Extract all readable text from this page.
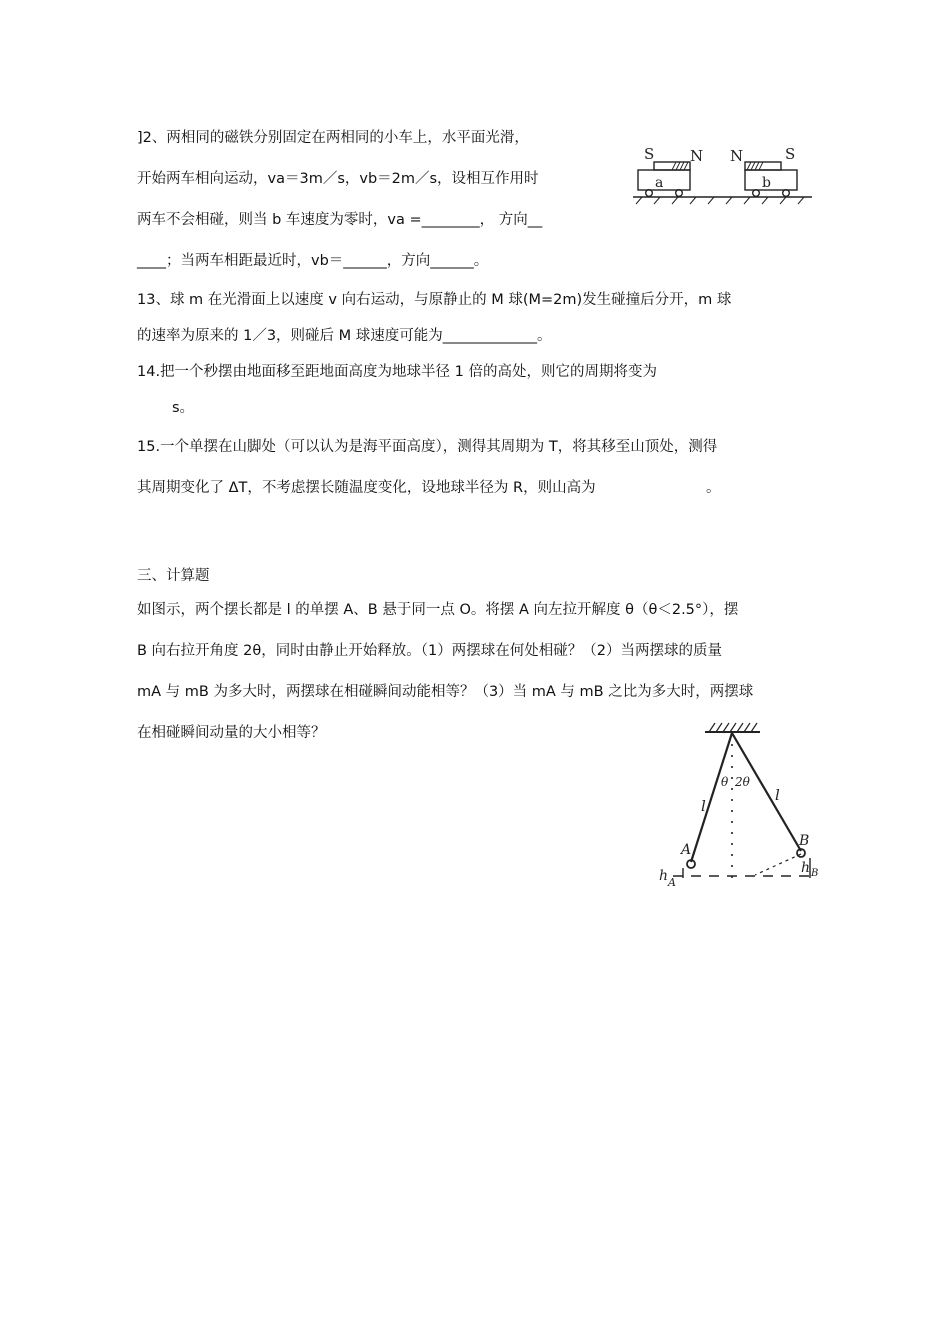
]2、两相同的磁铁分别固定在两相同的小车上，水平面光滑，
开始两车相向运动，va＝3m／s，vb＝2m／s，设相互作用时
两车不会相碰，则当 b 车速度为零时，va =________， 方向__
____；当两车相距最近时，vb＝______，方向______。
13、球 m 在光滑面上以速度 v 向右运动，与原静止的 M 球(M=2m)发生碰撞后分开，m 球
的速率为原来的 1／3，则碰后 M 球速度可能为_____________。
14.把一个秒摆由地面移至距地面高度为地球半径 1 倍的高处，则它的周期将变为
s。
15.一个单摆在山脚处（可以认为是海平面高度），测得其周期为 T，将其移至山顶处，测得
其周期变化了 ΔT，不考虑摆长随温度变化，设地球半径为 R，则山高为	。
三、计算题
如图示，两个摆长都是 l 的单摆 A、B 悬于同一点 O。将摆 A 向左拉开解度 θ（θ＜2.5°），摆
B 向右拉开角度 2θ，同时由静止开始释放。（1）两摆球在何处相碰？（2）当两摆球的质量
mA 与 mB 为多大时，两摆球在相碰瞬间动能相等？（3）当 mA 与 mB 之比为多大时，两摆球
在相碰瞬间动量的大小相等？
S N N	S
a	b
l
θ 2θ
l
A
B
h A
h B
